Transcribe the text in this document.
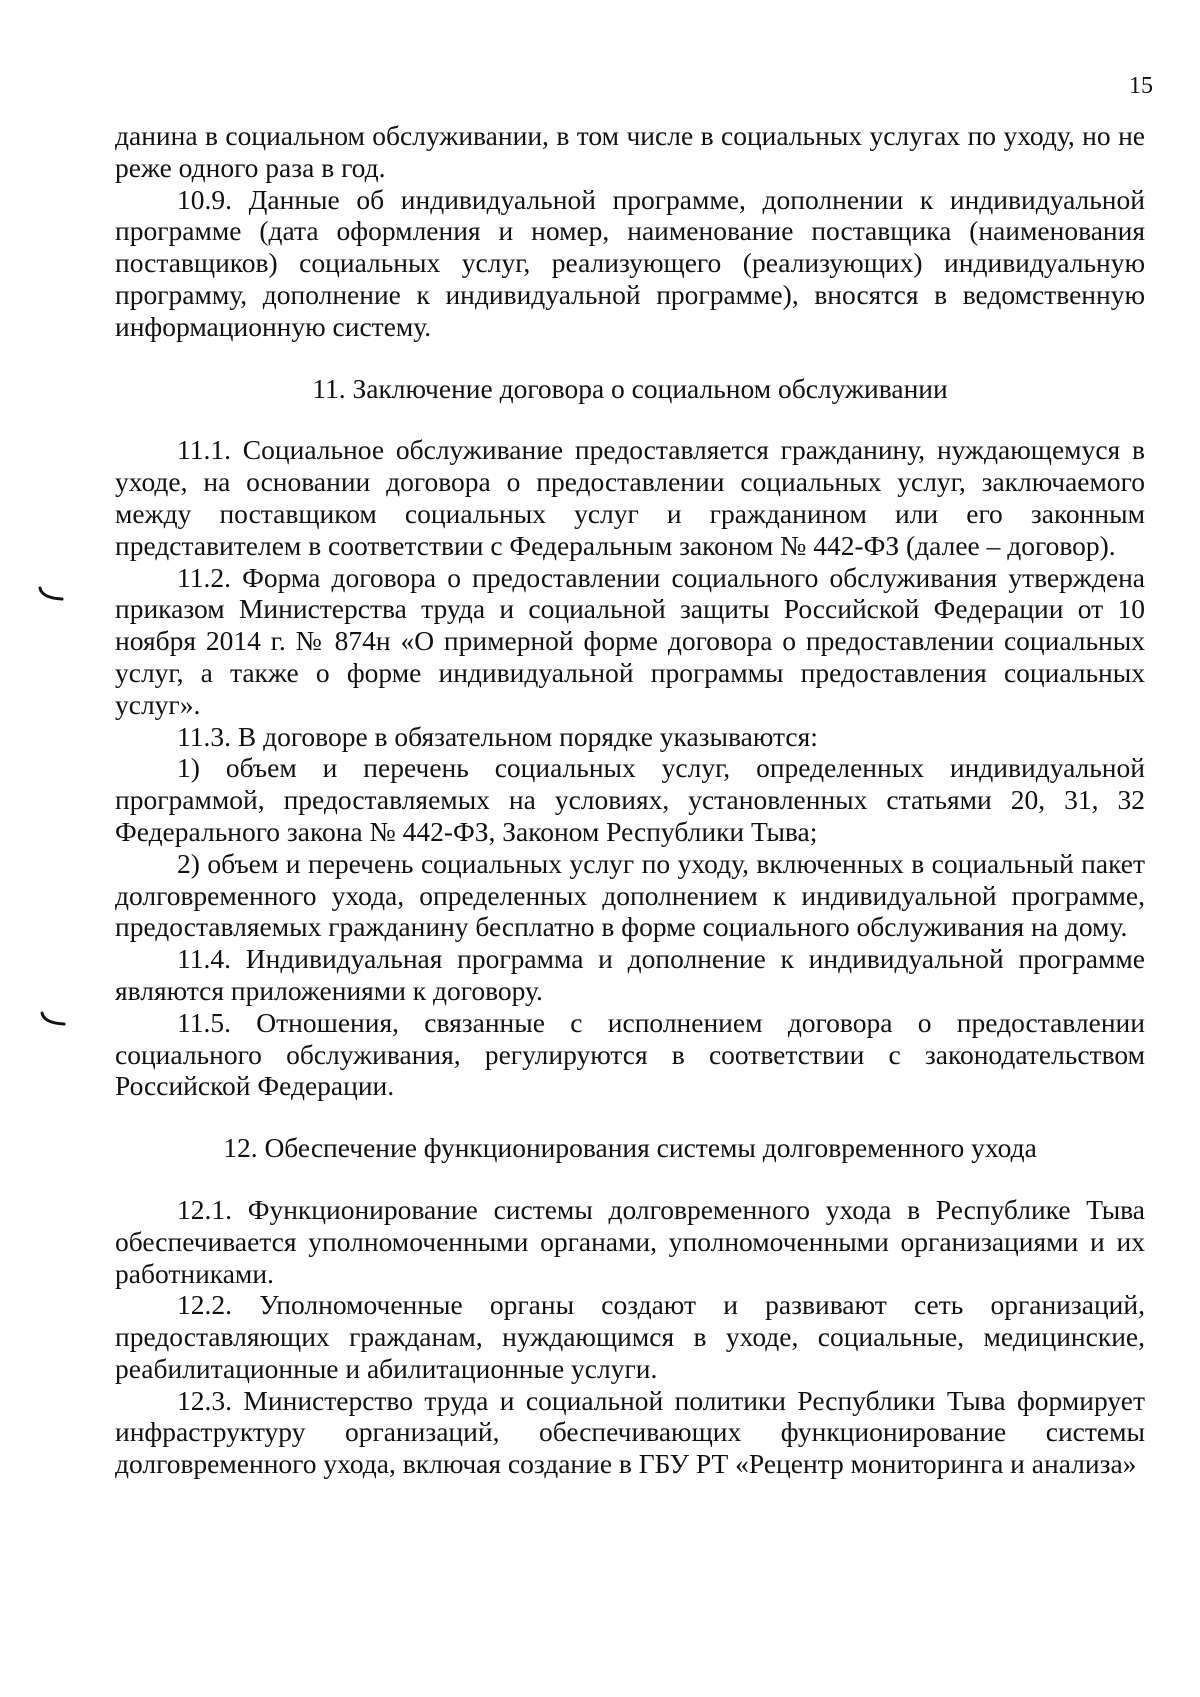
15

данина в социальном обслуживании, в том числе в социальных услугах по уходу, но не реже одного раза в год.

10.9. Данные об индивидуальной программе, дополнении к индивидуальной программе (дата оформления и номер, наименование поставщика (наименования поставщиков) социальных услуг, реализующего (реализующих) индивидуальную программу, дополнение к индивидуальной программе), вносятся в ведомственную информационную систему.

11. Заключение договора о социальном обслуживании

11.1. Социальное обслуживание предоставляется гражданину, нуждающемуся в уходе, на основании договора о предоставлении социальных услуг, заключаемого между поставщиком социальных услуг и гражданином или его законным представителем в соответствии с Федеральным законом № 442-ФЗ (далее – договор).

11.2. Форма договора о предоставлении социального обслуживания утверждена приказом Министерства труда и социальной защиты Российской Федерации от 10 ноября 2014 г. № 874н «О примерной форме договора о предоставлении социальных услуг, а также о форме индивидуальной программы предоставления социальных услуг».

11.3. В договоре в обязательном порядке указываются:

1) объем и перечень социальных услуг, определенных индивидуальной программой, предоставляемых на условиях, установленных статьями 20, 31, 32 Федерального закона № 442-ФЗ, Законом Республики Тыва;

2) объем и перечень социальных услуг по уходу, включенных в социальный пакет долговременного ухода, определенных дополнением к индивидуальной программе, предоставляемых гражданину бесплатно в форме социального обслуживания на дому.

11.4. Индивидуальная программа и дополнение к индивидуальной программе являются приложениями к договору.

11.5. Отношения, связанные с исполнением договора о предоставлении социального обслуживания, регулируются в соответствии с законодательством Российской Федерации.

12. Обеспечение функционирования системы долговременного ухода

12.1. Функционирование системы долговременного ухода в Республике Тыва обеспечивается уполномоченными органами, уполномоченными организациями и их работниками.

12.2. Уполномоченные органы создают и развивают сеть организаций, предоставляющих гражданам, нуждающимся в уходе, социальные, медицинские, реабилитационные и абилитационные услуги.

12.3. Министерство труда и социальной политики Республики Тыва формирует инфраструктуру организаций, обеспечивающих функционирование системы долговременного ухода, включая создание в ГБУ РТ «Рецентр мониторинга и анализа»
